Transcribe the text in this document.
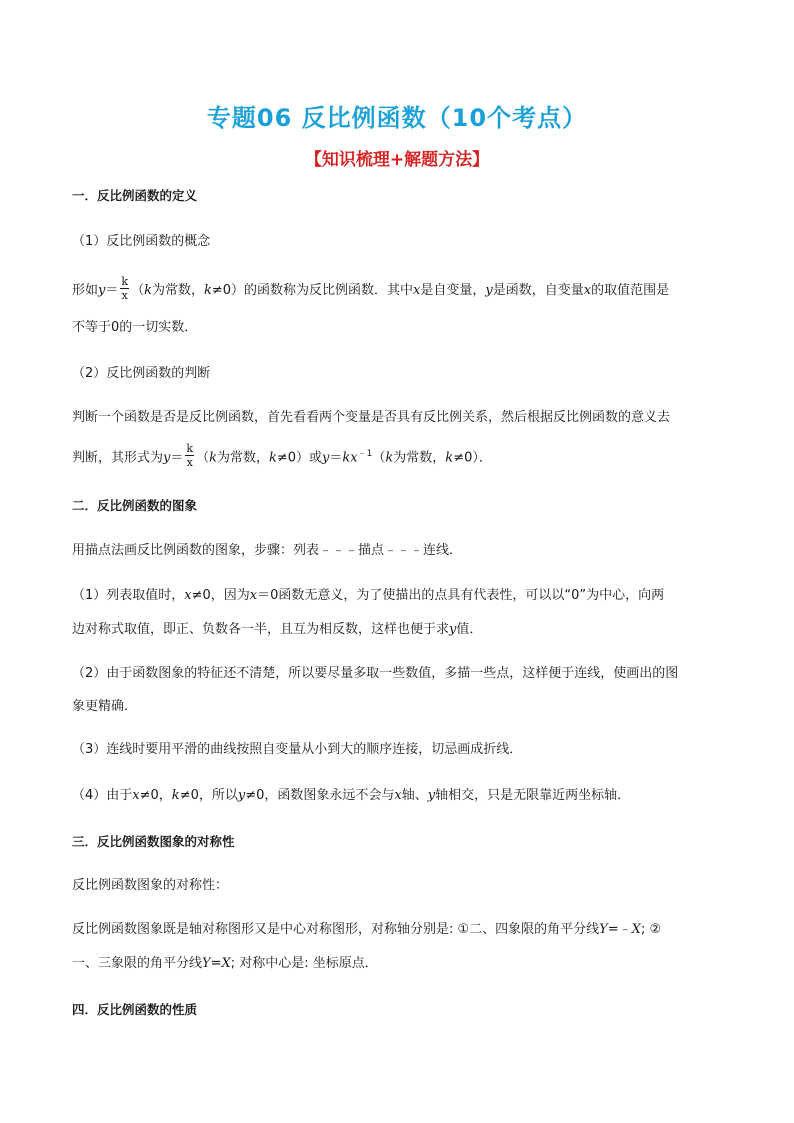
专题06 反比例函数（10个考点）
【知识梳理+解题方法】
一．反比例函数的定义
（1）反比例函数的概念
形如$y= \frac{k}{x} (k$为常数，k≠0）的函数称为反比例函数．其中x是自变量，y是函数，自变量x的取值范围是
不等于0的一切实数．
（2）反比例函数的判断
判断一个函数是否是反比例函数，首先看看两个变量是否具有反比例关系，然后根据反比例函数的意义去
判断，其形式为$y= \frac{k}{x} (k$为常数，k≠0）或$y=kx^{﹣1}(k$为常数，k≠0）．
二．反比例函数的图象
用描点法画反比例函数的图象，步骤：列表﹣﹣﹣描点﹣﹣﹣连线．
（1）列表取值时，x≠0，因为x＝0函数无意义，为了使描出的点具有代表性，可以以“0”为中心，向两
边对称式取值，即正、负数各一半，且互为相反数，这样也便于求y值．
（2）由于函数图象的特征还不清楚，所以要尽量多取一些数值，多描一些点，这样便于连线，使画出的图
象更精确．
（3）连线时要用平滑的曲线按照自变量从小到大的顺序连接，切忌画成折线．
（4）由于x≠0，k≠0，所以y≠0，函数图象永远不会与x轴、y轴相交，只是无限靠近两坐标轴．
三．反比例函数图象的对称性
反比例函数图象的对称性：
反比例函数图象既是轴对称图形又是中心对称图形，对称轴分别是: ①二、四象限的角平分线Y=﹣X; ②
一、三象限的角平分线Y=X; 对称中心是: 坐标原点．
四．反比例函数的性质
